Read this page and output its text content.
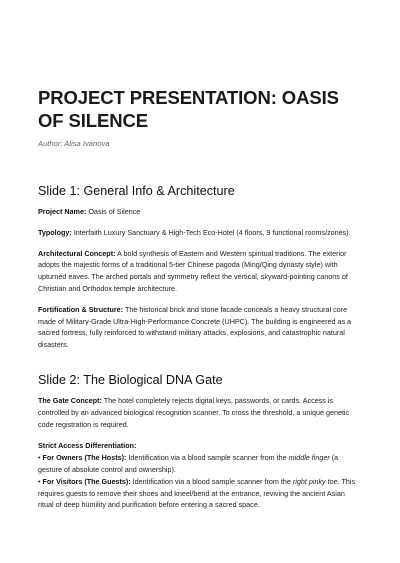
PROJECT PRESENTATION: OASIS OF SILENCE
Author: Alisa Ivanova
Slide 1: General Info & Architecture

Project Name: Oasis of Silence

Typology: Interfaith Luxury Sanctuary & High-Tech Eco-Hotel (4 floors, 9 functional rooms/zones).

Architectural Concept: A bold synthesis of Eastern and Western spiritual traditions. The exterior adopts the majestic forms of a traditional 5-tier Chinese pagoda (Ming/Qing dynasty style) with upturned eaves. The arched portals and symmetry reflect the vertical, skyward-pointing canons of Christian and Orthodox temple architecture.

Fortification & Structure: The historical brick and stone facade conceals a heavy structural core made of Military-Grade Ultra-High-Performance Concrete (UHPC). The building is engineered as a sacred fortress, fully reinforced to withstand military attacks, explosions, and catastrophic natural disasters.

Slide 2: The Biological DNA Gate

The Gate Concept: The hotel completely rejects digital keys, passwords, or cards. Access is controlled by an advanced biological recognition scanner. To cross the threshold, a unique genetic code registration is required.

Strict Access Differentiation:
• For Owners (The Hosts): Identification via a blood sample scanner from the middle finger (a gesture of absolute control and ownership).
• For Visitors (The Guests): Identification via a blood sample scanner from the right pinky toe. This requires guests to remove their shoes and kneel/bend at the entrance, reviving the ancient Asian ritual of deep humility and purification before entering a sacred space.
